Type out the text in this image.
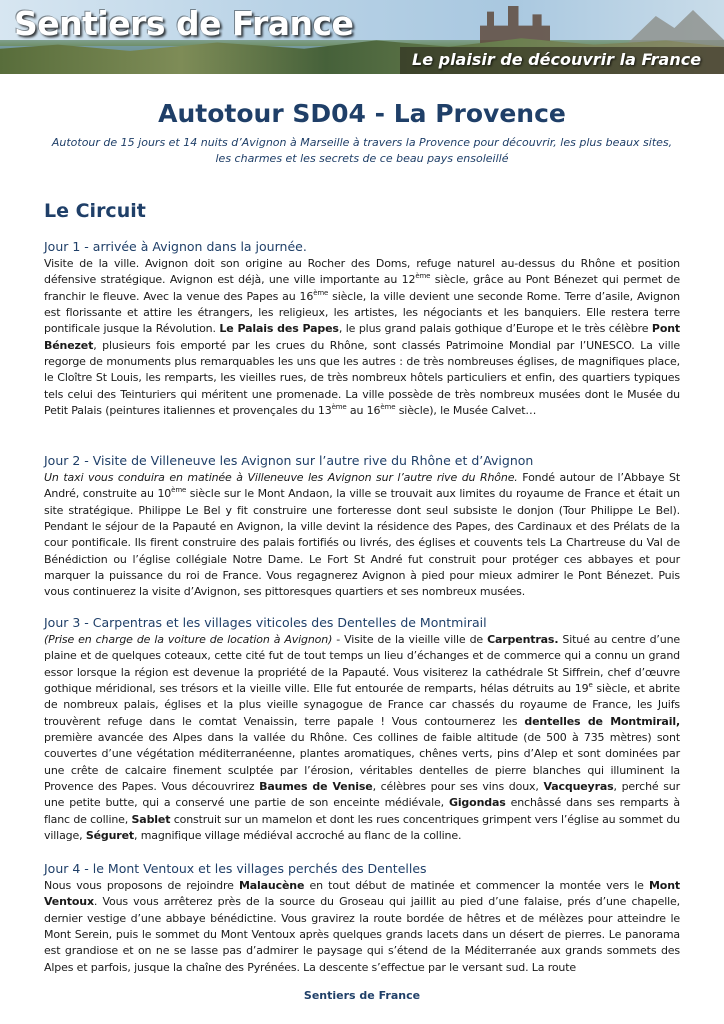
Sentiers de France
Le plaisir de découvrir la France
Autotour SD04 - La Provence

Autotour de 15 jours et 14 nuits d’Avignon à Marseille à travers la Provence pour découvrir, les plus beaux sites, les charmes et les secrets de ce beau pays ensoleillé

Le Circuit
Jour 1 - arrivée à Avignon dans la journée.

Visite de la ville. Avignon doit son origine au Rocher des Doms, refuge naturel au-dessus du Rhône et position défensive stratégique. Avignon est déjà, une ville importante au 12ème siècle, grâce au Pont Bénezet qui permet de franchir le fleuve. Avec la venue des Papes au 16ème siècle, la ville devient une seconde Rome. Terre d’asile, Avignon est florissante et attire les étrangers, les religieux, les artistes, les négociants et les banquiers. Elle restera terre pontificale jusque la Révolution. Le Palais des Papes, le plus grand palais gothique d’Europe et le très célèbre Pont Bénezet, plusieurs fois emporté par les crues du Rhône, sont classés Patrimoine Mondial par l’UNESCO. La ville regorge de monuments plus remarquables les uns que les autres : de très nombreuses églises, de magnifiques place, le Cloître St Louis, les remparts, les vieilles rues, de très nombreux hôtels particuliers et enfin, des quartiers typiques tels celui des Teinturiers qui méritent une promenade. La ville possède de très nombreux musées dont le Musée du Petit Palais (peintures italiennes et provençales du 13ème au 16ème siècle), le Musée Calvet…

Jour 2 - Visite de Villeneuve les Avignon sur l’autre rive du Rhône et d’Avignon

Un taxi vous conduira en matinée à Villeneuve les Avignon sur l’autre rive du Rhône. Fondé autour de l’Abbaye St André, construite au 10ème siècle sur le Mont Andaon, la ville se trouvait aux limites du royaume de France et était un site stratégique. Philippe Le Bel y fit construire une forteresse dont seul subsiste le donjon (Tour Philippe Le Bel). Pendant le séjour de la Papauté en Avignon, la ville devint la résidence des Papes, des Cardinaux et des Prélats de la cour pontificale. Ils firent construire des palais fortifiés ou livrés, des églises et couvents tels La Chartreuse du Val de Bénédiction ou l’église collégiale Notre Dame. Le Fort St André fut construit pour protéger ces abbayes et pour marquer la puissance du roi de France. Vous regagnerez Avignon à pied pour mieux admirer le Pont Bénezet. Puis vous continuerez la visite d’Avignon, ses pittoresques quartiers et ses nombreux musées.

Jour 3 - Carpentras et les villages viticoles des Dentelles de Montmirail

(Prise en charge de la voiture de location à Avignon) - Visite de la vieille ville de Carpentras. Situé au centre d’une plaine et de quelques coteaux, cette cité fut de tout temps un lieu d’échanges et de commerce qui a connu un grand essor lorsque la région est devenue la propriété de la Papauté. Vous visiterez la cathédrale St Siffrein, chef d’œuvre gothique méridional, ses trésors et la vieille ville. Elle fut entourée de remparts, hélas détruits au 19e siècle, et abrite de nombreux palais, églises et la plus vieille synagogue de France car chassés du royaume de France, les Juifs trouvèrent refuge dans le comtat Venaissin, terre papale ! Vous contournerez les dentelles de Montmirail, première avancée des Alpes dans la vallée du Rhône. Ces collines de faible altitude (de 500 à 735 mètres) sont couvertes d’une végétation méditerranéenne, plantes aromatiques, chênes verts, pins d’Alep et sont dominées par une crête de calcaire finement sculptée par l’érosion, véritables dentelles de pierre blanches qui illuminent la Provence des Papes. Vous découvrirez Baumes de Venise, célèbres pour ses vins doux, Vacqueyras, perché sur une petite butte, qui a conservé une partie de son enceinte médiévale, Gigondas enchâssé dans ses remparts à flanc de colline, Sablet construit sur un mamelon et dont les rues concentriques grimpent vers l’église au sommet du village, Séguret, magnifique village médiéval accroché au flanc de la colline.

Jour 4 - le Mont Ventoux et les villages perchés des Dentelles

Nous vous proposons de rejoindre Malaucène en tout début de matinée et commencer la montée vers le Mont Ventoux. Vous vous arrêterez près de la source du Groseau qui jaillit au pied d’une falaise, prés d’une chapelle, dernier vestige d’une abbaye bénédictine. Vous gravirez la route bordée de hêtres et de mélèzes pour atteindre le Mont Serein, puis le sommet du Mont Ventoux après quelques grands lacets dans un désert de pierres. Le panorama est grandiose et on ne se lasse pas d’admirer le paysage qui s’étend de la Méditerranée aux grands sommets des Alpes et parfois, jusque la chaîne des Pyrénées. La descente s’effectue par le versant sud. La route

Sentiers de France
